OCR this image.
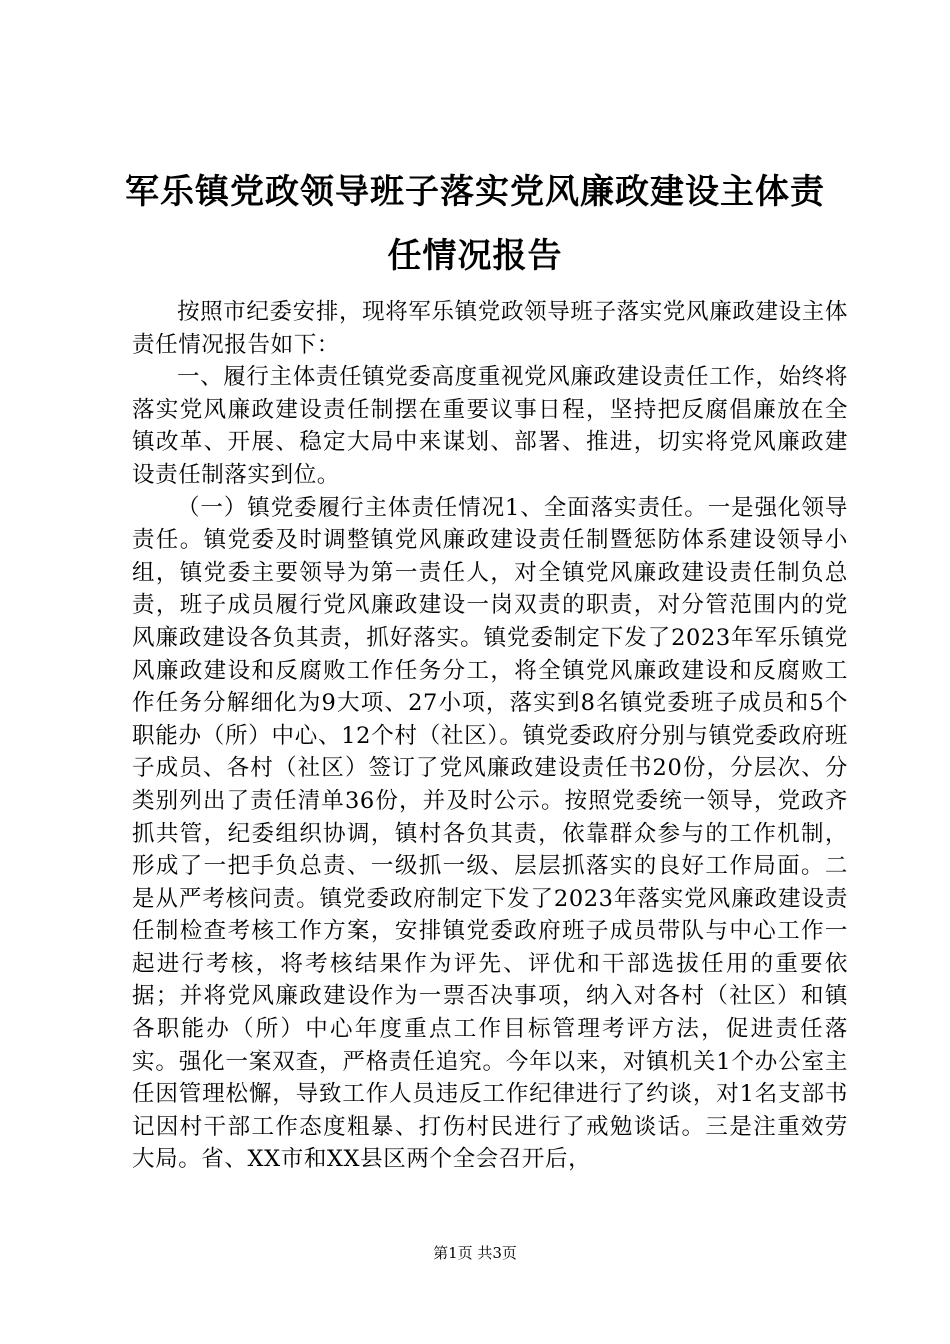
军乐镇党政领导班子落实党风廉政建设主体责
任情况报告

按照市纪委安排，现将军乐镇党政领导班子落实党风廉政建设主体责任情况报告如下：

一、履行主体责任镇党委高度重视党风廉政建设责任工作，始终将落实党风廉政建设责任制摆在重要议事日程，坚持把反腐倡廉放在全镇改革、开展、稳定大局中来谋划、部署、推进，切实将党风廉政建设责任制落实到位。

（一）镇党委履行主体责任情况1、全面落实责任。一是强化领导责任。镇党委及时调整镇党风廉政建设责任制暨惩防体系建设领导小组，镇党委主要领导为第一责任人，对全镇党风廉政建设责任制负总责，班子成员履行党风廉政建设一岗双责的职责，对分管范围内的党风廉政建设各负其责，抓好落实。镇党委制定下发了2023年军乐镇党风廉政建设和反腐败工作任务分工，将全镇党风廉政建设和反腐败工作任务分解细化为9大项、27小项，落实到8名镇党委班子成员和5个职能办（所）中心、12个村（社区）。镇党委政府分别与镇党委政府班子成员、各村（社区）签订了党风廉政建设责任书20份，分层次、分类别列出了责任清单36份，并及时公示。按照党委统一领导，党政齐抓共管，纪委组织协调，镇村各负其责，依靠群众参与的工作机制，形成了一把手负总责、一级抓一级、层层抓落实的良好工作局面。二是从严考核问责。镇党委政府制定下发了2023年落实党风廉政建设责任制检查考核工作方案，安排镇党委政府班子成员带队与中心工作一起进行考核，将考核结果作为评先、评优和干部选拔任用的重要依据；并将党风廉政建设作为一票否决事项，纳入对各村（社区）和镇各职能办（所）中心年度重点工作目标管理考评方法，促进责任落实。强化一案双查，严格责任追究。今年以来，对镇机关1个办公室主任因管理松懈，导致工作人员违反工作纪律进行了约谈，对1名支部书记因村干部工作态度粗暴、打伤村民进行了戒勉谈话。三是注重效劳大局。省、XX市和XX县区两个全会召开后，

第1页 共3页
